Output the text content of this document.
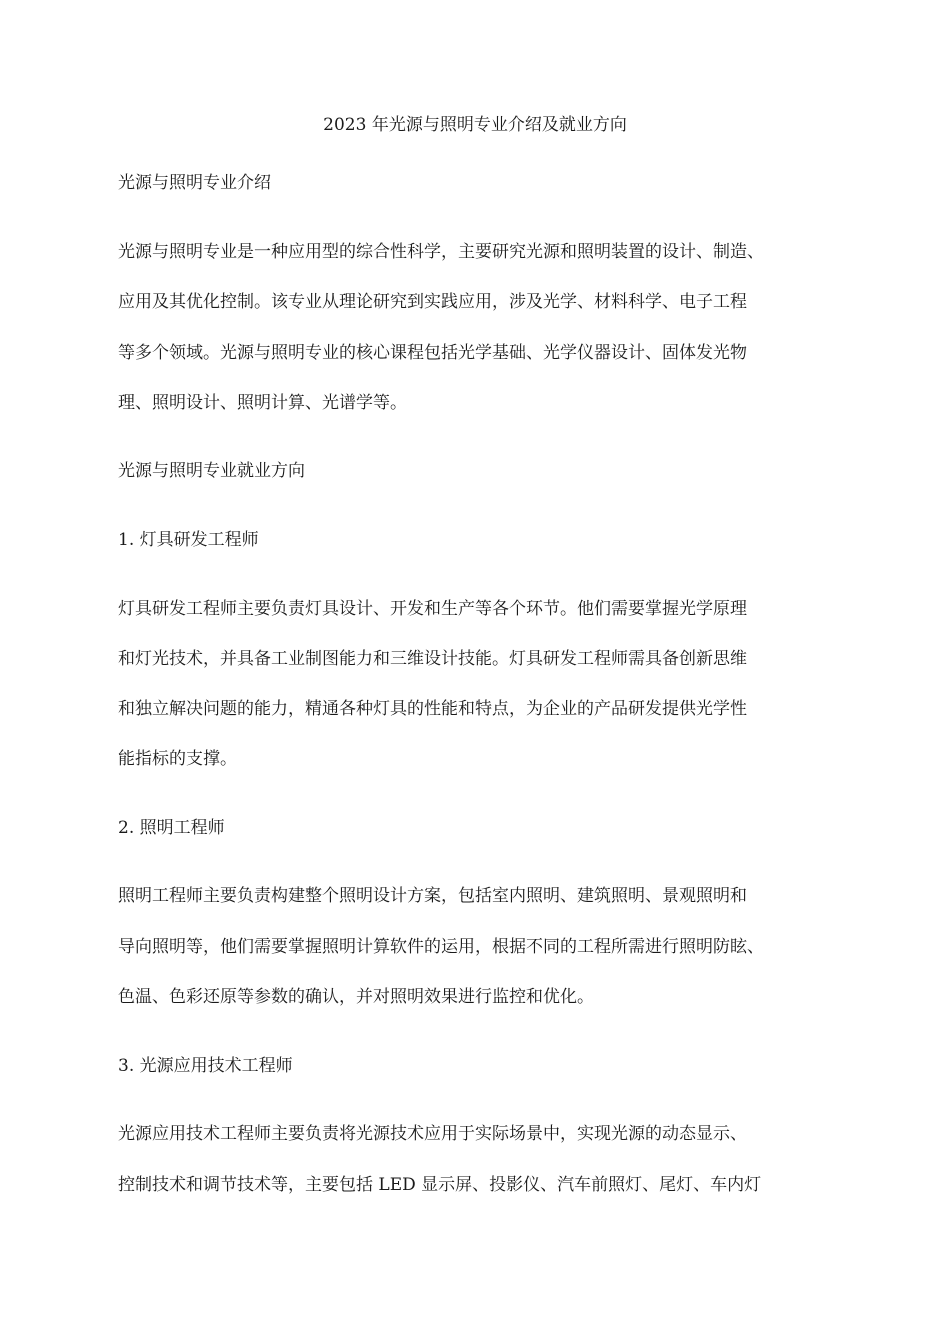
2023 年光源与照明专业介绍及就业方向
光源与照明专业介绍
光源与照明专业是一种应用型的综合性科学，主要研究光源和照明装置的设计、制造、
应用及其优化控制。该专业从理论研究到实践应用，涉及光学、材料科学、电子工程
等多个领域。光源与照明专业的核心课程包括光学基础、光学仪器设计、固体发光物
理、照明设计、照明计算、光谱学等。
光源与照明专业就业方向
1. 灯具研发工程师
灯具研发工程师主要负责灯具设计、开发和生产等各个环节。他们需要掌握光学原理
和灯光技术，并具备工业制图能力和三维设计技能。灯具研发工程师需具备创新思维
和独立解决问题的能力，精通各种灯具的性能和特点，为企业的产品研发提供光学性
能指标的支撑。
2. 照明工程师
照明工程师主要负责构建整个照明设计方案，包括室内照明、建筑照明、景观照明和
导向照明等，他们需要掌握照明计算软件的运用，根据不同的工程所需进行照明防眩、
色温、色彩还原等参数的确认，并对照明效果进行监控和优化。
3. 光源应用技术工程师
光源应用技术工程师主要负责将光源技术应用于实际场景中，实现光源的动态显示、
控制技术和调节技术等，主要包括 LED 显示屏、投影仪、汽车前照灯、尾灯、车内灯
